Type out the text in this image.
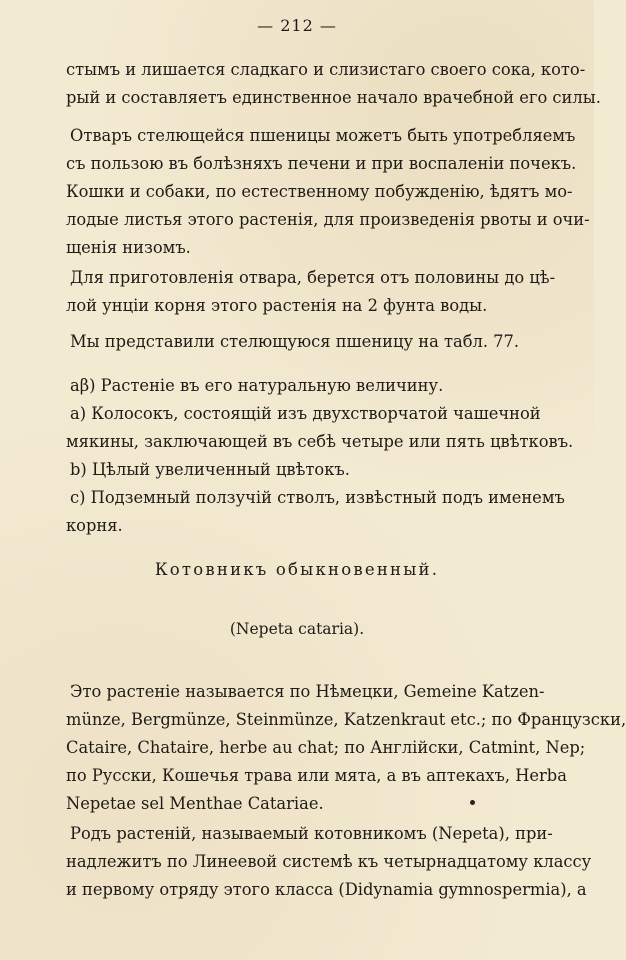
— 212 —
стымъ и лишается сладкаго и слизистаго своего сока, кото-
рый и составляетъ единственное начало врачебной его силы.
Отваръ стелющейся пшеницы можетъ быть употребляемъ
съ пользою въ болѣзняхъ печени и при воспаленіи почекъ.
Кошки и собаки, по естественному побужденію, ѣдятъ мо-
лодые листья этого растенія, для произведенія рвоты и очи-
щенія низомъ.
Для приготовленія отвара, берется отъ половины до цѣ-
лой унціи корня этого растенія на 2 фунта воды.
Мы представили стелющуюся пшеницу на табл. 77.
аβ) Растеніе въ его натуральную величину.
а) Колосокъ, состоящій изъ двухстворчатой чашечной
мякины, заключающей въ себѣ четыре или пять цвѣтковъ.
b) Цѣлый увеличенный цвѣтокъ.
c) Подземный ползучій стволъ, извѣстный подъ именемъ
корня.
Котовникъ обыкновенный.
(Nepeta cataria).
Это растеніе называется по Нѣмецки, Gemeine Katzen-
münze, Bergmünze, Steinmünze, Katzenkraut etc.; по Французски,
Cataire, Chataire, herbe au chat; по Англійски, Catmint, Nep;
по Русски, Кошечья трава или мята, а въ аптекахъ, Herba
Nepetae sel Menthae Catariae.
Родъ растеній, называемый котовникомъ (Nepeta), при-
надлежитъ по Линеевой системѣ къ четырнадцатому классу
и первому отряду этого класса (Didynamia gymnospermia), а
